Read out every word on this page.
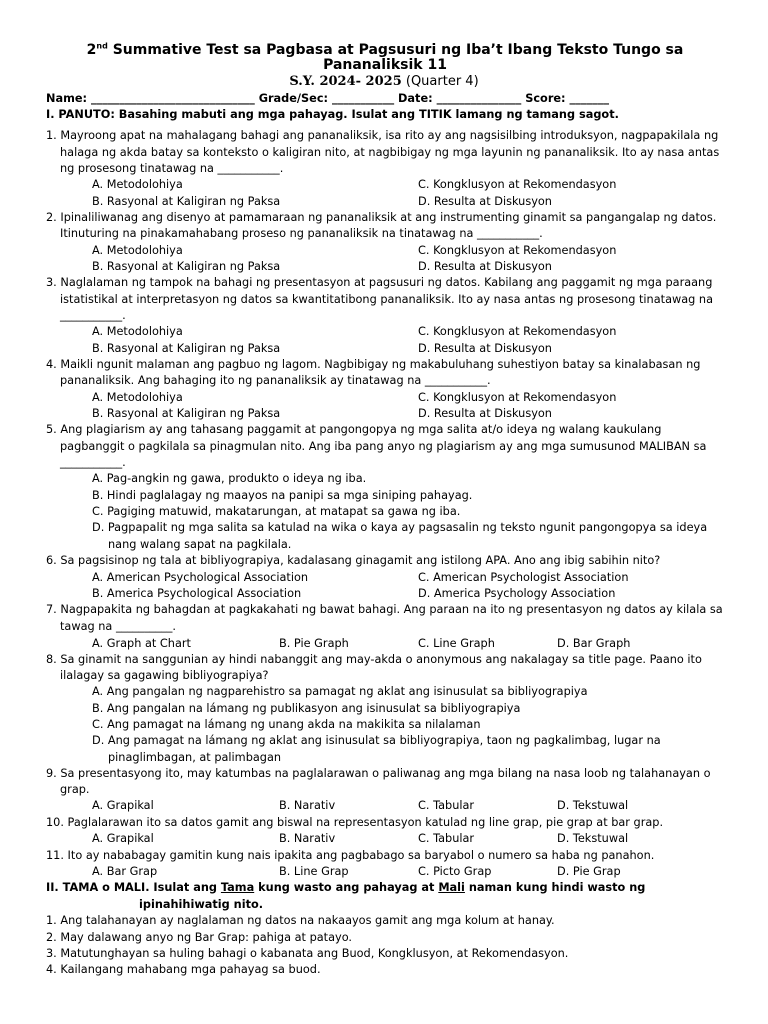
2nd Summative Test sa Pagbasa at Pagsusuri ng Iba’t Ibang Teksto Tungo sa
Pananaliksik 11
S.Y. 2024- 2025 (Quarter 4)
Name: _____________________________ Grade/Sec: ___________ Date: _______________ Score: _______
I. PANUTO: Basahing mabuti ang mga pahayag. Isulat ang TITIK lamang ng tamang sagot.
1. Mayroong apat na mahalagang bahagi ang pananaliksik, isa rito ay ang nagsisilbing introduksyon, nagpapakilala ng
halaga ng akda batay sa konteksto o kaligiran nito, at nagbibigay ng mga layunin ng pananaliksik. Ito ay nasa antas
ng prosesong tinatawag na ___________.
A. Metodolohiya	C. Kongklusyon at Rekomendasyon
B. Rasyonal at Kaligiran ng Paksa	D. Resulta at Diskusyon
2. Ipinaliliwanag ang disenyo at pamamaraan ng pananaliksik at ang instrumenting ginamit sa pangangalap ng datos.
Itinuturing na pinakamahabang proseso ng pananaliksik na tinatawag na ___________.
A. Metodolohiya	C. Kongklusyon at Rekomendasyon
B. Rasyonal at Kaligiran ng Paksa	D. Resulta at Diskusyon
3. Naglalaman ng tampok na bahagi ng presentasyon at pagsusuri ng datos. Kabilang ang paggamit ng mga paraang
istatistikal at interpretasyon ng datos sa kwantitatibong pananaliksik. Ito ay nasa antas ng prosesong tinatawag na
___________.
A. Metodolohiya	C. Kongklusyon at Rekomendasyon
B. Rasyonal at Kaligiran ng Paksa	D. Resulta at Diskusyon
4. Maikli ngunit malaman ang pagbuo ng lagom. Nagbibigay ng makabuluhang suhestiyon batay sa kinalabasan ng
pananaliksik. Ang bahaging ito ng pananaliksik ay tinatawag na ___________.
A. Metodolohiya	C. Kongklusyon at Rekomendasyon
B. Rasyonal at Kaligiran ng Paksa	D. Resulta at Diskusyon
5. Ang plagiarism ay ang tahasang paggamit at pangongopya ng mga salita at/o ideya ng walang kaukulang
pagbanggit o pagkilala sa pinagmulan nito. Ang iba pang anyo ng plagiarism ay ang mga sumusunod MALIBAN sa
___________.
A. Pag-angkin ng gawa, produkto o ideya ng iba.
B. Hindi paglalagay ng maayos na panipi sa mga siniping pahayag.
C. Pagiging matuwid, makatarungan, at matapat sa gawa ng iba.
D. Pagpapalit ng mga salita sa katulad na wika o kaya ay pagsasalin ng teksto ngunit pangongopya sa ideya
nang walang sapat na pagkilala.
6. Sa pagsisinop ng tala at bibliyograpiya, kadalasang ginagamit ang istilong APA. Ano ang ibig sabihin nito?
A. American Psychological Association	C. American Psychologist Association
B. America Psychological Association	D. America Psychology Association
7. Nagpapakita ng bahagdan at pagkakahati ng bawat bahagi. Ang paraan na ito ng presentasyon ng datos ay kilala sa
tawag na __________.
A. Graph at Chart	B. Pie Graph	C. Line Graph	D. Bar Graph
8. Sa ginamit na sanggunian ay hindi nabanggit ang may-akda o anonymous ang nakalagay sa title page. Paano ito
ilalagay sa gagawing bibliyograpiya?
A. Ang pangalan ng nagparehistro sa pamagat ng aklat ang isinusulat sa bibliyograpiya
B. Ang pangalan na lámang ng publikasyon ang isinusulat sa bibliyograpiya
C. Ang pamagat na lámang ng unang akda na makikita sa nilalaman
D. Ang pamagat na lámang ng aklat ang isinusulat sa bibliyograpiya, taon ng pagkalimbag, lugar na
pinaglimbagan, at palimbagan
9. Sa presentasyong ito, may katumbas na paglalarawan o paliwanag ang mga bilang na nasa loob ng talahanayan o
grap.
A. Grapikal	B. Narativ	C. Tabular	D. Tekstuwal
10. Paglalarawan ito sa datos gamit ang biswal na representasyon katulad ng line grap, pie grap at bar grap.
A. Grapikal	B. Narativ	C. Tabular	D. Tekstuwal
11. Ito ay nababagay gamitin kung nais ipakita ang pagbabago sa baryabol o numero sa haba ng panahon.
A. Bar Grap	B. Line Grap	C. Picto Grap	D. Pie Grap
II. TAMA o MALI. Isulat ang Tama kung wasto ang pahayag at Mali naman kung hindi wasto ng
ipinahihiwatig nito.
1. Ang talahanayan ay naglalaman ng datos na nakaayos gamit ang mga kolum at hanay.
2. May dalawang anyo ng Bar Grap: pahiga at patayo.
3. Matutunghayan sa huling bahagi o kabanata ang Buod, Kongklusyon, at Rekomendasyon.
4. Kailangang mahabang mga pahayag sa buod.
